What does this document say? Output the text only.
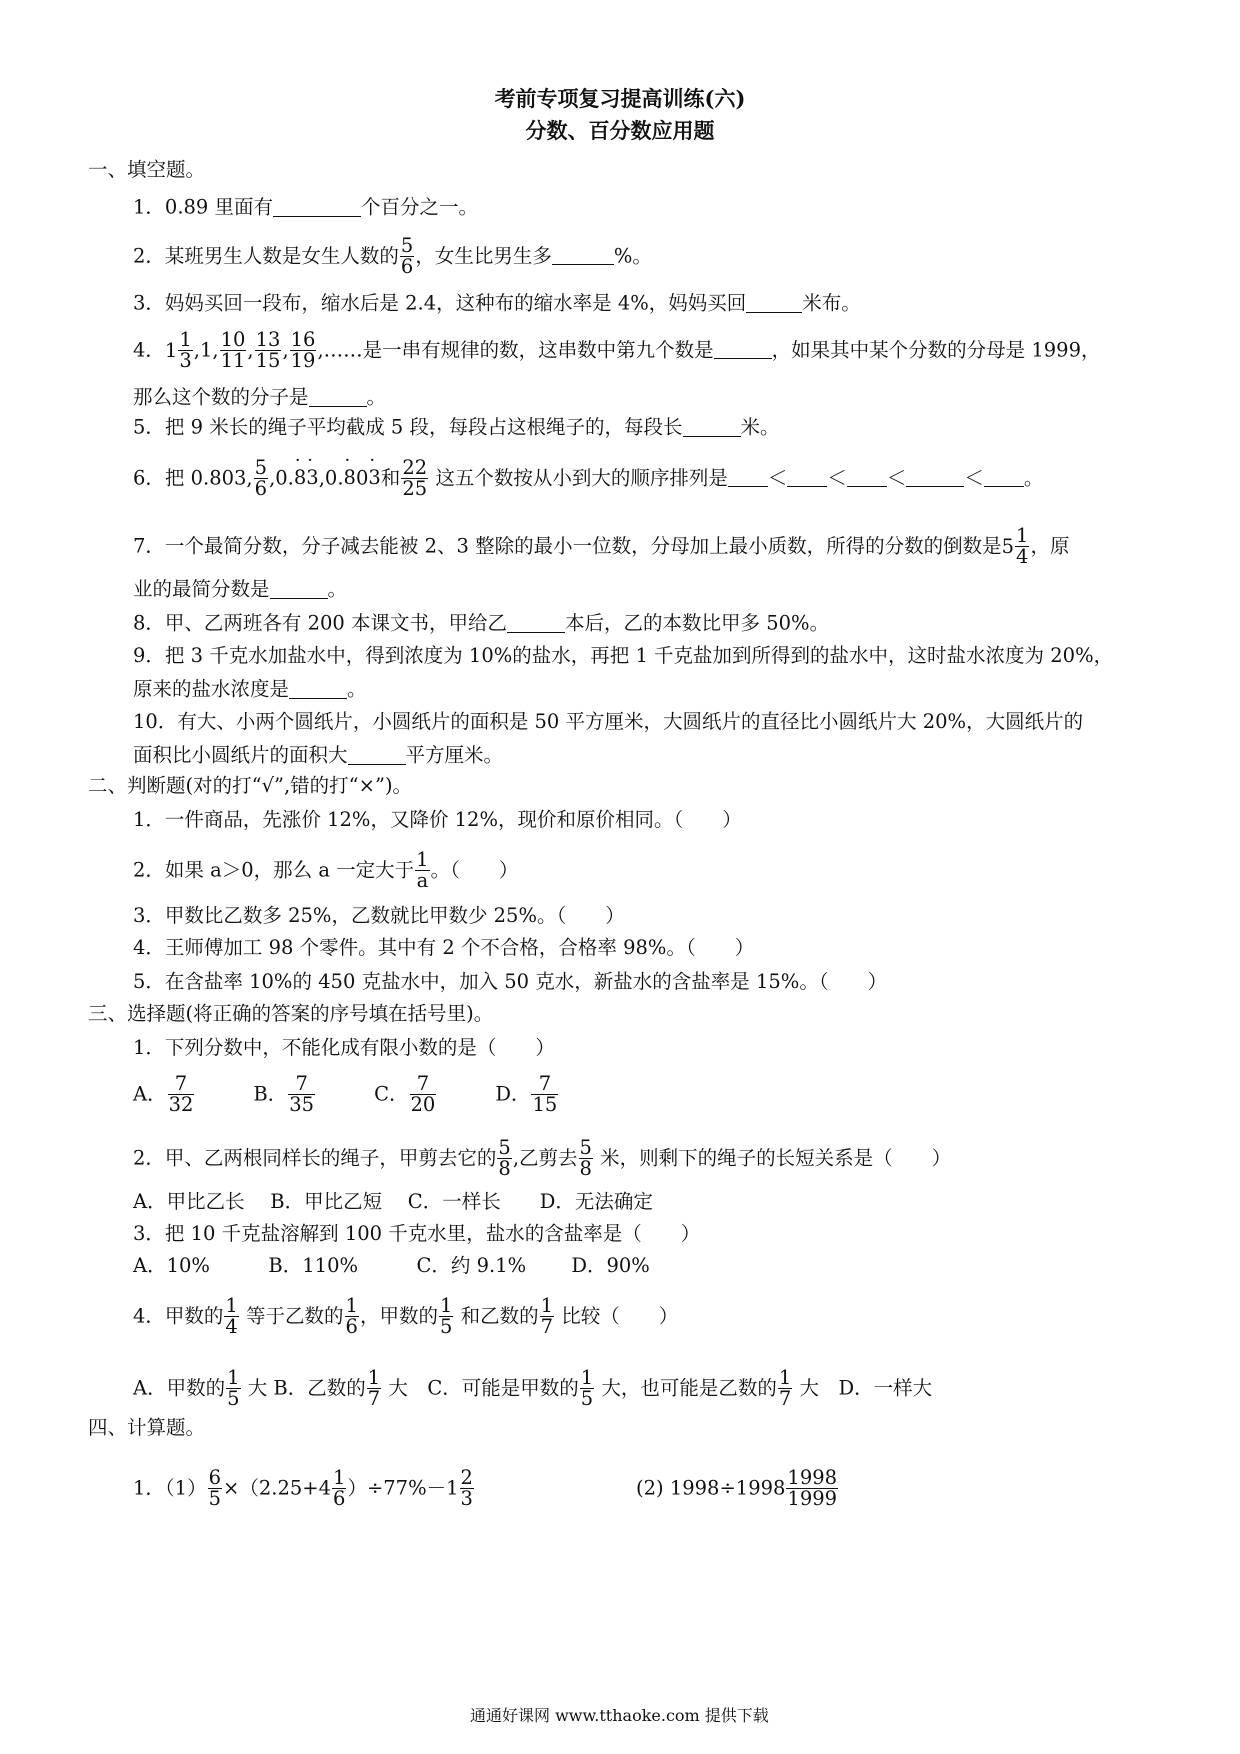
考前专项复习提高训练(六)
分数、百分数应用题
一、填空题。
1．0.89 里面有	个百分之一。
2．某班男生人数是女生人数的 $\frac{5}{6}$ ，女生比男生多	%。
3．妈妈买回一段布，缩水后是 2.4，这种布的缩水率是 4%，妈妈买回	米布。
4．$1 \frac{1}{3} ,1$, $\frac{10}{11}$ , $\frac{13}{15}$ , $\frac{16}{19}$ ,……是一串有规律的数，这串数中第九个数是	，如果其中某个分数的分母是 1999，
那么这个数的分子是	。
5．把 9 米长的绳子平均截成 5 段，每段占这根绳子的，每段长	米。
6．把 0.803, $\frac{5}{6} ,0.\cdot 8\cdot 3,0.\cdot 80\cdot 3$和 $\frac{22}{25}$ 这五个数按从小到大的顺序排列是 ＜ ＜ ＜	＜ 。
7．一个最简分数，分子减去能被 2、3 整除的最小一位数，分母加上最小质数，所得的分数的倒数是$5 \frac{1}{4}$ ，原
业的最简分数是	。
8．甲、乙两班各有 200 本课文书，甲给乙	本后，乙的本数比甲多 50%。
9．把 3 千克水加盐水中，得到浓度为 10%的盐水，再把 1 千克盐加到所得到的盐水中，这时盐水浓度为 20%，
原来的盐水浓度是	。
10．有大、小两个圆纸片，小圆纸片的面积是 50 平方厘米，大圆纸片的直径比小圆纸片大 20%，大圆纸片的
面积比小圆纸片的面积大	平方厘米。
二、判断题(对的打“√”,错的打“×”)。
1．一件商品，先涨价 12%，又降价 12%，现价和原价相同。（　　）
2．如果 a＞0，那么 a 一定大于 $\frac{1}{a}$ 。（　　）
3．甲数比乙数多 25%，乙数就比甲数少 25%。（　　）
4．王师傅加工 98 个零件。其中有 2 个不合格，合格率 98%。（　　）
5．在含盐率 10%的 450 克盐水中，加入 50 克水，新盐水的含盐率是 15%。（　　）
三、选择题(将正确的答案的序号填在括号里)。
1．下列分数中，不能化成有限小数的是（　　）
A． $\frac{7}{32}$	B． $\frac{7}{35}$	C． $\frac{7}{20}$	D． $\frac{7}{15}$
2．甲、乙两根同样长的绳子，甲剪去它的 $\frac{5}{8}$ ,乙剪去 $\frac{5}{8}$ 米，则剩下的绳子的长短关系是（　　）
A．甲比乙长　 B．甲比乙短　 C．一样长　　D．无法确定
3．把 10 千克盐溶解到 100 千克水里，盐水的含盐率是（　　）
A．10%　　　B．110%　　　C．约 9.1%　　 D．90%
4．甲数的 $\frac{1}{4}$ 等于乙数的 $\frac{1}{6}$ ，甲数的 $\frac{1}{5}$ 和乙数的 $\frac{1}{7}$ 比较（　　）
A．甲数的 $\frac{1}{5}$ 大 B．乙数的 $\frac{1}{7}$ 大　C．可能是甲数的 $\frac{1}{5}$ 大，也可能是乙数的 $\frac{1}{7}$ 大　D．一样大
四、计算题。
1．$(1) \frac{6}{5} \times(2.25+4 \frac{1}{6} )\div 77\%-1 \frac{2}{3}$	(2) $1998\div 1998 \frac{1998}{1999}$
通通好课网 www.tthaoke.com 提供下载
